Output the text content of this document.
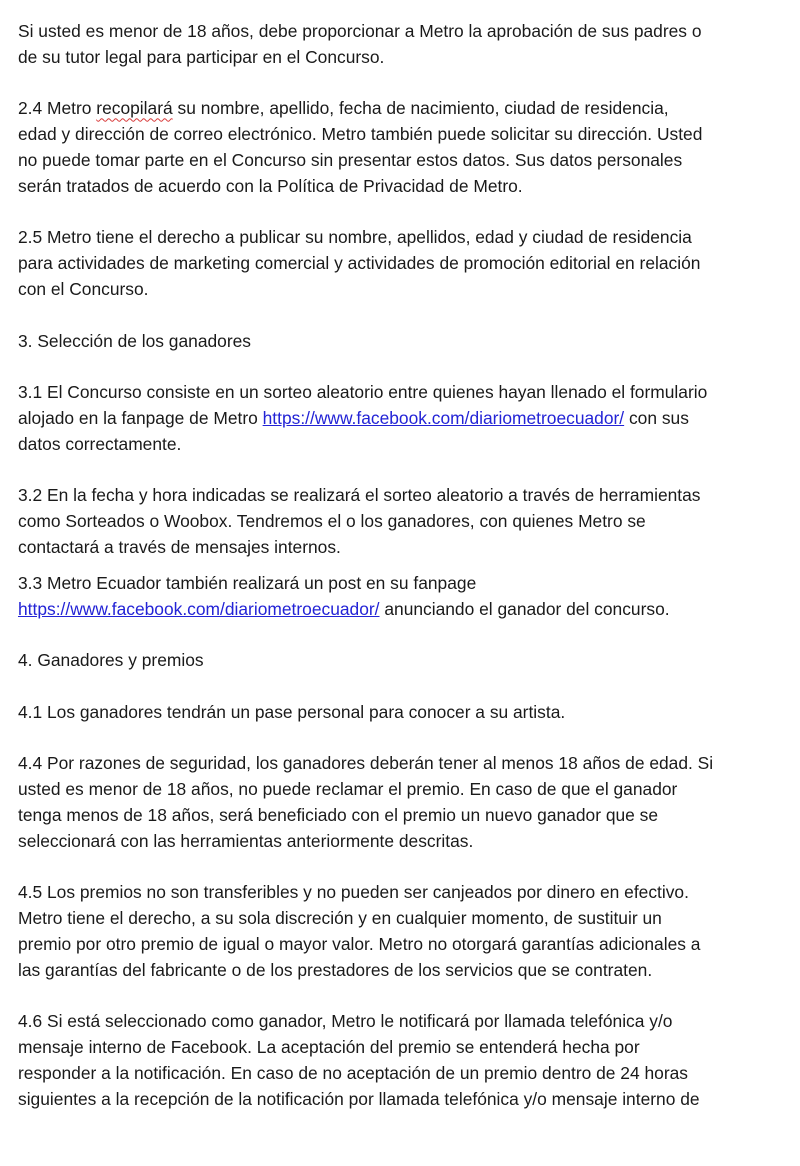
Si usted es menor de 18 años, debe proporcionar a Metro la aprobación de sus padres o
de su tutor legal para participar en el Concurso.

2.4 Metro recopilará su nombre, apellido, fecha de nacimiento, ciudad de residencia,
edad y dirección de correo electrónico. Metro también puede solicitar su dirección. Usted
no puede tomar parte en el Concurso sin presentar estos datos. Sus datos personales
serán tratados de acuerdo con la Política de Privacidad de Metro.

2.5 Metro tiene el derecho a publicar su nombre, apellidos, edad y ciudad de residencia
para actividades de marketing comercial y actividades de promoción editorial en relación
con el Concurso.

3. Selección de los ganadores

3.1 El Concurso consiste en un sorteo aleatorio entre quienes hayan llenado el formulario
alojado en la fanpage de Metro https://www.facebook.com/diariometroecuador/ con sus
datos correctamente.

3.2 En la fecha y hora indicadas se realizará el sorteo aleatorio a través de herramientas
como Sorteados o Woobox. Tendremos el o los ganadores, con quienes Metro se
contactará a través de mensajes internos.

3.3 Metro Ecuador también realizará un post en su fanpage
https://www.facebook.com/diariometroecuador/ anunciando el ganador del concurso.

4. Ganadores y premios

4.1 Los ganadores tendrán un pase personal para conocer a su artista.

4.4 Por razones de seguridad, los ganadores deberán tener al menos 18 años de edad. Si
usted es menor de 18 años, no puede reclamar el premio. En caso de que el ganador
tenga menos de 18 años, será beneficiado con el premio un nuevo ganador que se
seleccionará con las herramientas anteriormente descritas.

4.5 Los premios no son transferibles y no pueden ser canjeados por dinero en efectivo.
Metro tiene el derecho, a su sola discreción y en cualquier momento, de sustituir un
premio por otro premio de igual o mayor valor. Metro no otorgará garantías adicionales a
las garantías del fabricante o de los prestadores de los servicios que se contraten.

4.6 Si está seleccionado como ganador, Metro le notificará por llamada telefónica y/o
mensaje interno de Facebook. La aceptación del premio se entenderá hecha por
responder a la notificación. En caso de no aceptación de un premio dentro de 24 horas
siguientes a la recepción de la notificación por llamada telefónica y/o mensaje interno de
